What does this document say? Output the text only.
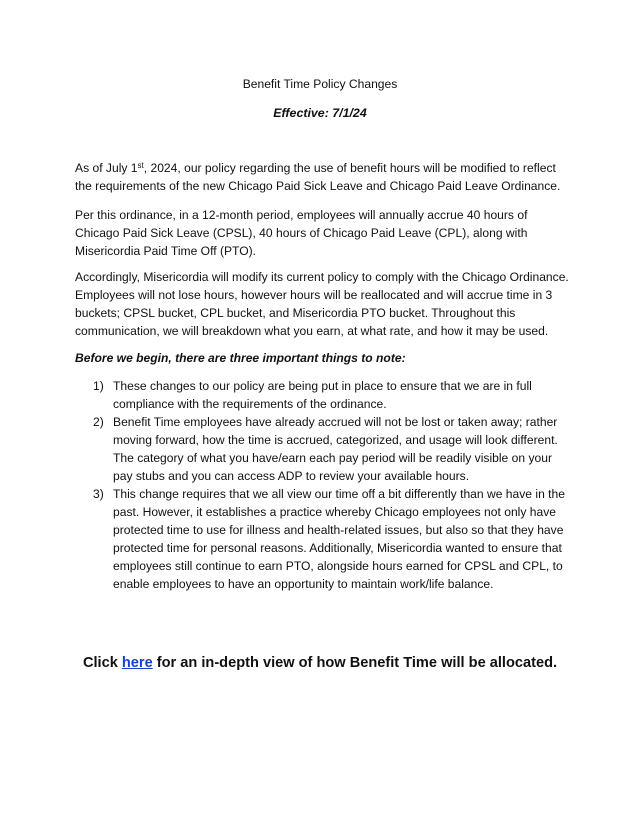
Benefit Time Policy Changes
Effective: 7/1/24
As of July 1st, 2024, our policy regarding the use of benefit hours will be modified to reflect the requirements of the new Chicago Paid Sick Leave and Chicago Paid Leave Ordinance.
Per this ordinance, in a 12-month period, employees will annually accrue 40 hours of Chicago Paid Sick Leave (CPSL), 40 hours of Chicago Paid Leave (CPL), along with Misericordia Paid Time Off (PTO).
Accordingly, Misericordia will modify its current policy to comply with the Chicago Ordinance. Employees will not lose hours, however hours will be reallocated and will accrue time in 3 buckets; CPSL bucket, CPL bucket, and Misericordia PTO bucket. Throughout this communication, we will breakdown what you earn, at what rate, and how it may be used.
Before we begin, there are three important things to note:
1) These changes to our policy are being put in place to ensure that we are in full compliance with the requirements of the ordinance.
2) Benefit Time employees have already accrued will not be lost or taken away; rather moving forward, how the time is accrued, categorized, and usage will look different. The category of what you have/earn each pay period will be readily visible on your pay stubs and you can access ADP to review your available hours.
3) This change requires that we all view our time off a bit differently than we have in the past. However, it establishes a practice whereby Chicago employees not only have protected time to use for illness and health-related issues, but also so that they have protected time for personal reasons. Additionally, Misericordia wanted to ensure that employees still continue to earn PTO, alongside hours earned for CPSL and CPL, to enable employees to have an opportunity to maintain work/life balance.
Click here for an in-depth view of how Benefit Time will be allocated.
